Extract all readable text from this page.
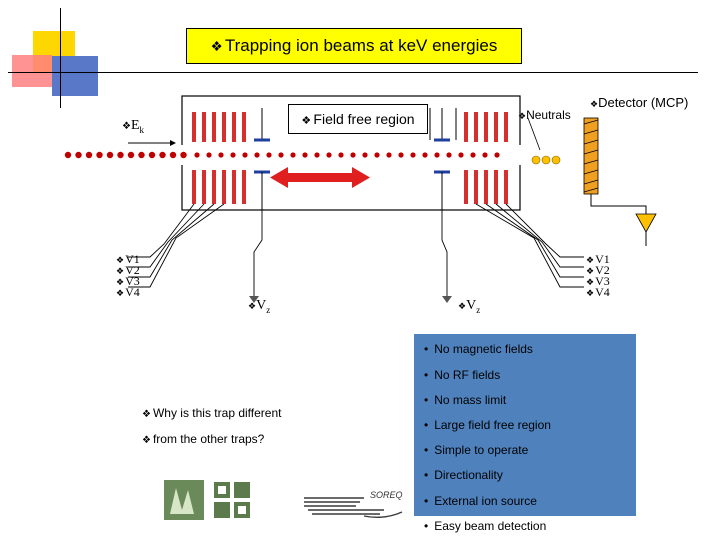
❖ Trapping ion beams at keV energies
$❖E_k$
❖ Field free region	❖Neutrals
❖Detector (MCP)
❖ V1
❖ V2
❖ V3
❖ V4
❖ V1
❖ V2
❖ V3
❖ V4
$❖V_z$	$❖V_z$
❖ Why is this trap different
❖ from the other traps?
• No magnetic fields
• No RF fields
• No mass limit
• Large field free region
• Simple to operate
• Directionality
• External ion source
• Easy beam detection
SOREQ
